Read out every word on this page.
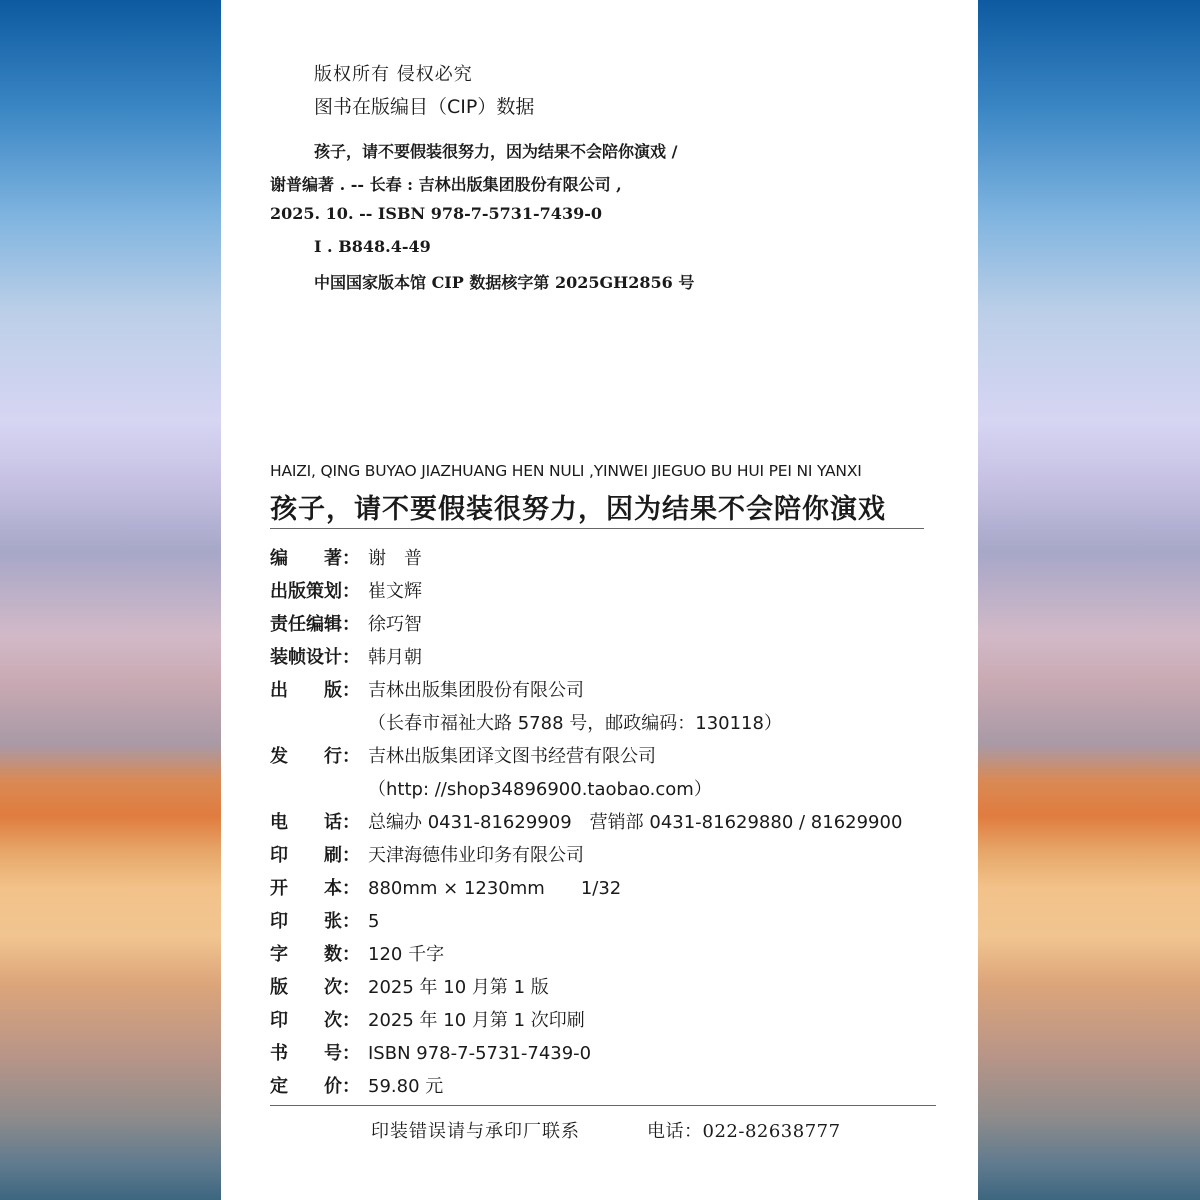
版权所有 侵权必究
图书在版编目（CIP）数据
孩子，请不要假装很努力，因为结果不会陪你演戏 /
谢普编著 . -- 长春 : 吉林出版集团股份有限公司 ,
2025. 10. -- ISBN 978-7-5731-7439-0
Ⅰ . B848.4-49
中国国家版本馆 CIP 数据核字第 2025GH2856 号
HAIZI, QING BUYAO JIAZHUANG HEN NULI ,YINWEI JIEGUO BU HUI PEI NI YANXI
孩子，请不要假装很努力，因为结果不会陪你演戏
编　　著： 谢　普
出版策划： 崔文辉
责任编辑： 徐巧智
装帧设计： 韩月朝
出　　版： 吉林出版集团股份有限公司
（长春市福祉大路 5788 号，邮政编码：130118）
发　　行： 吉林出版集团译文图书经营有限公司
（http: //shop34896900.taobao.com）
电　　话： 总编办 0431-81629909　营销部 0431-81629880 / 81629900
印　　刷： 天津海德伟业印务有限公司
开　　本： 880mm × 1230mm　　1/32
印　　张： 5
字　　数： 120 千字
版　　次： 2025 年 10 月第 1 版
印　　次： 2025 年 10 月第 1 次印刷
书　　号： ISBN 978-7-5731-7439-0
定　　价： 59.80 元
印装错误请与承印厂联系	电话：022-82638777
